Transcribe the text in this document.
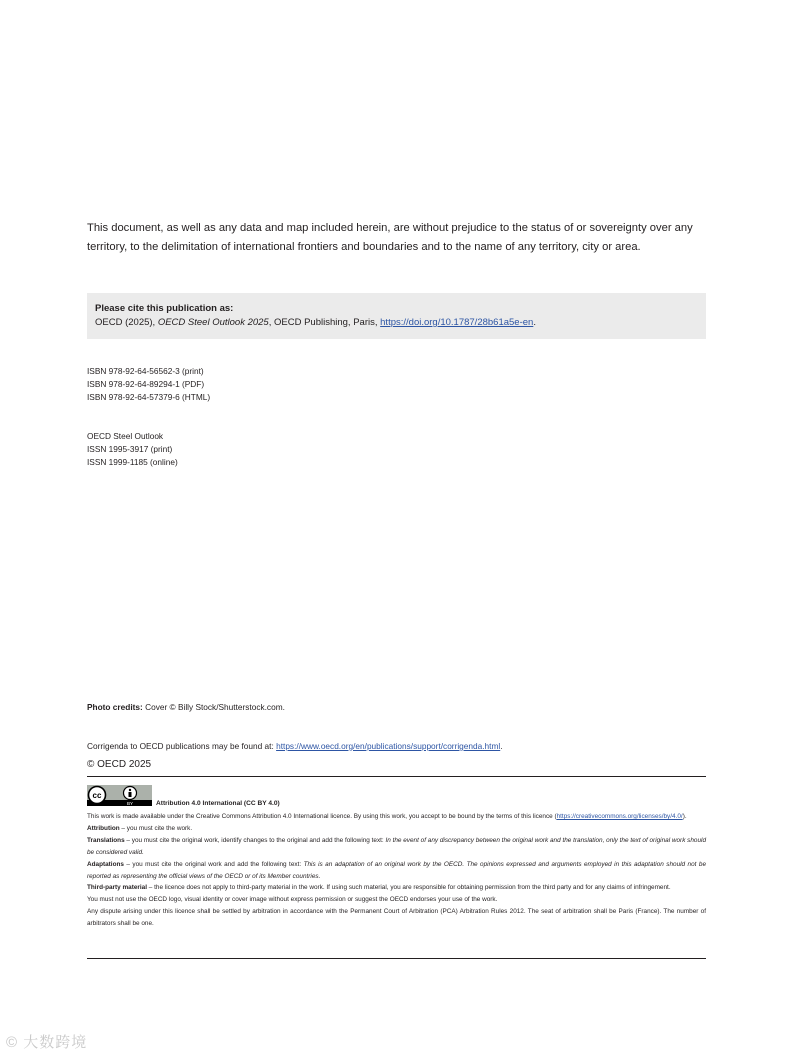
This document, as well as any data and map included herein, are without prejudice to the status of or sovereignty over any territory, to the delimitation of international frontiers and boundaries and to the name of any territory, city or area.
Please cite this publication as:
OECD (2025), OECD Steel Outlook 2025, OECD Publishing, Paris, https://doi.org/10.1787/28b61a5e-en.
ISBN 978-92-64-56562-3 (print)
ISBN 978-92-64-89294-1 (PDF)
ISBN 978-92-64-57379-6 (HTML)
OECD Steel Outlook
ISSN 1995-3917 (print)
ISSN 1999-1185 (online)
Photo credits: Cover © Billy Stock/Shutterstock.com.
Corrigenda to OECD publications may be found at: https://www.oecd.org/en/publications/support/corrigenda.html.
© OECD 2025
cc
BY	Attribution 4.0 International (CC BY 4.0)

This work is made available under the Creative Commons Attribution 4.0 International licence. By using this work, you accept to be bound by the terms of this licence (https://creativecommons.org/licenses/by/4.0/).

Attribution – you must cite the work.

Translations – you must cite the original work, identify changes to the original and add the following text: In the event of any discrepancy between the original work and the translation, only the text of original work should be considered valid.

Adaptations – you must cite the original work and add the following text: This is an adaptation of an original work by the OECD. The opinions expressed and arguments employed in this adaptation should not be reported as representing the official views of the OECD or of its Member countries.

Third-party material – the licence does not apply to third-party material in the work. If using such material, you are responsible for obtaining permission from the third party and for any claims of infringement.

You must not use the OECD logo, visual identity or cover image without express permission or suggest the OECD endorses your use of the work.

Any dispute arising under this licence shall be settled by arbitration in accordance with the Permanent Court of Arbitration (PCA) Arbitration Rules 2012. The seat of arbitration shall be Paris (France). The number of arbitrators shall be one.

© 大数跨境
